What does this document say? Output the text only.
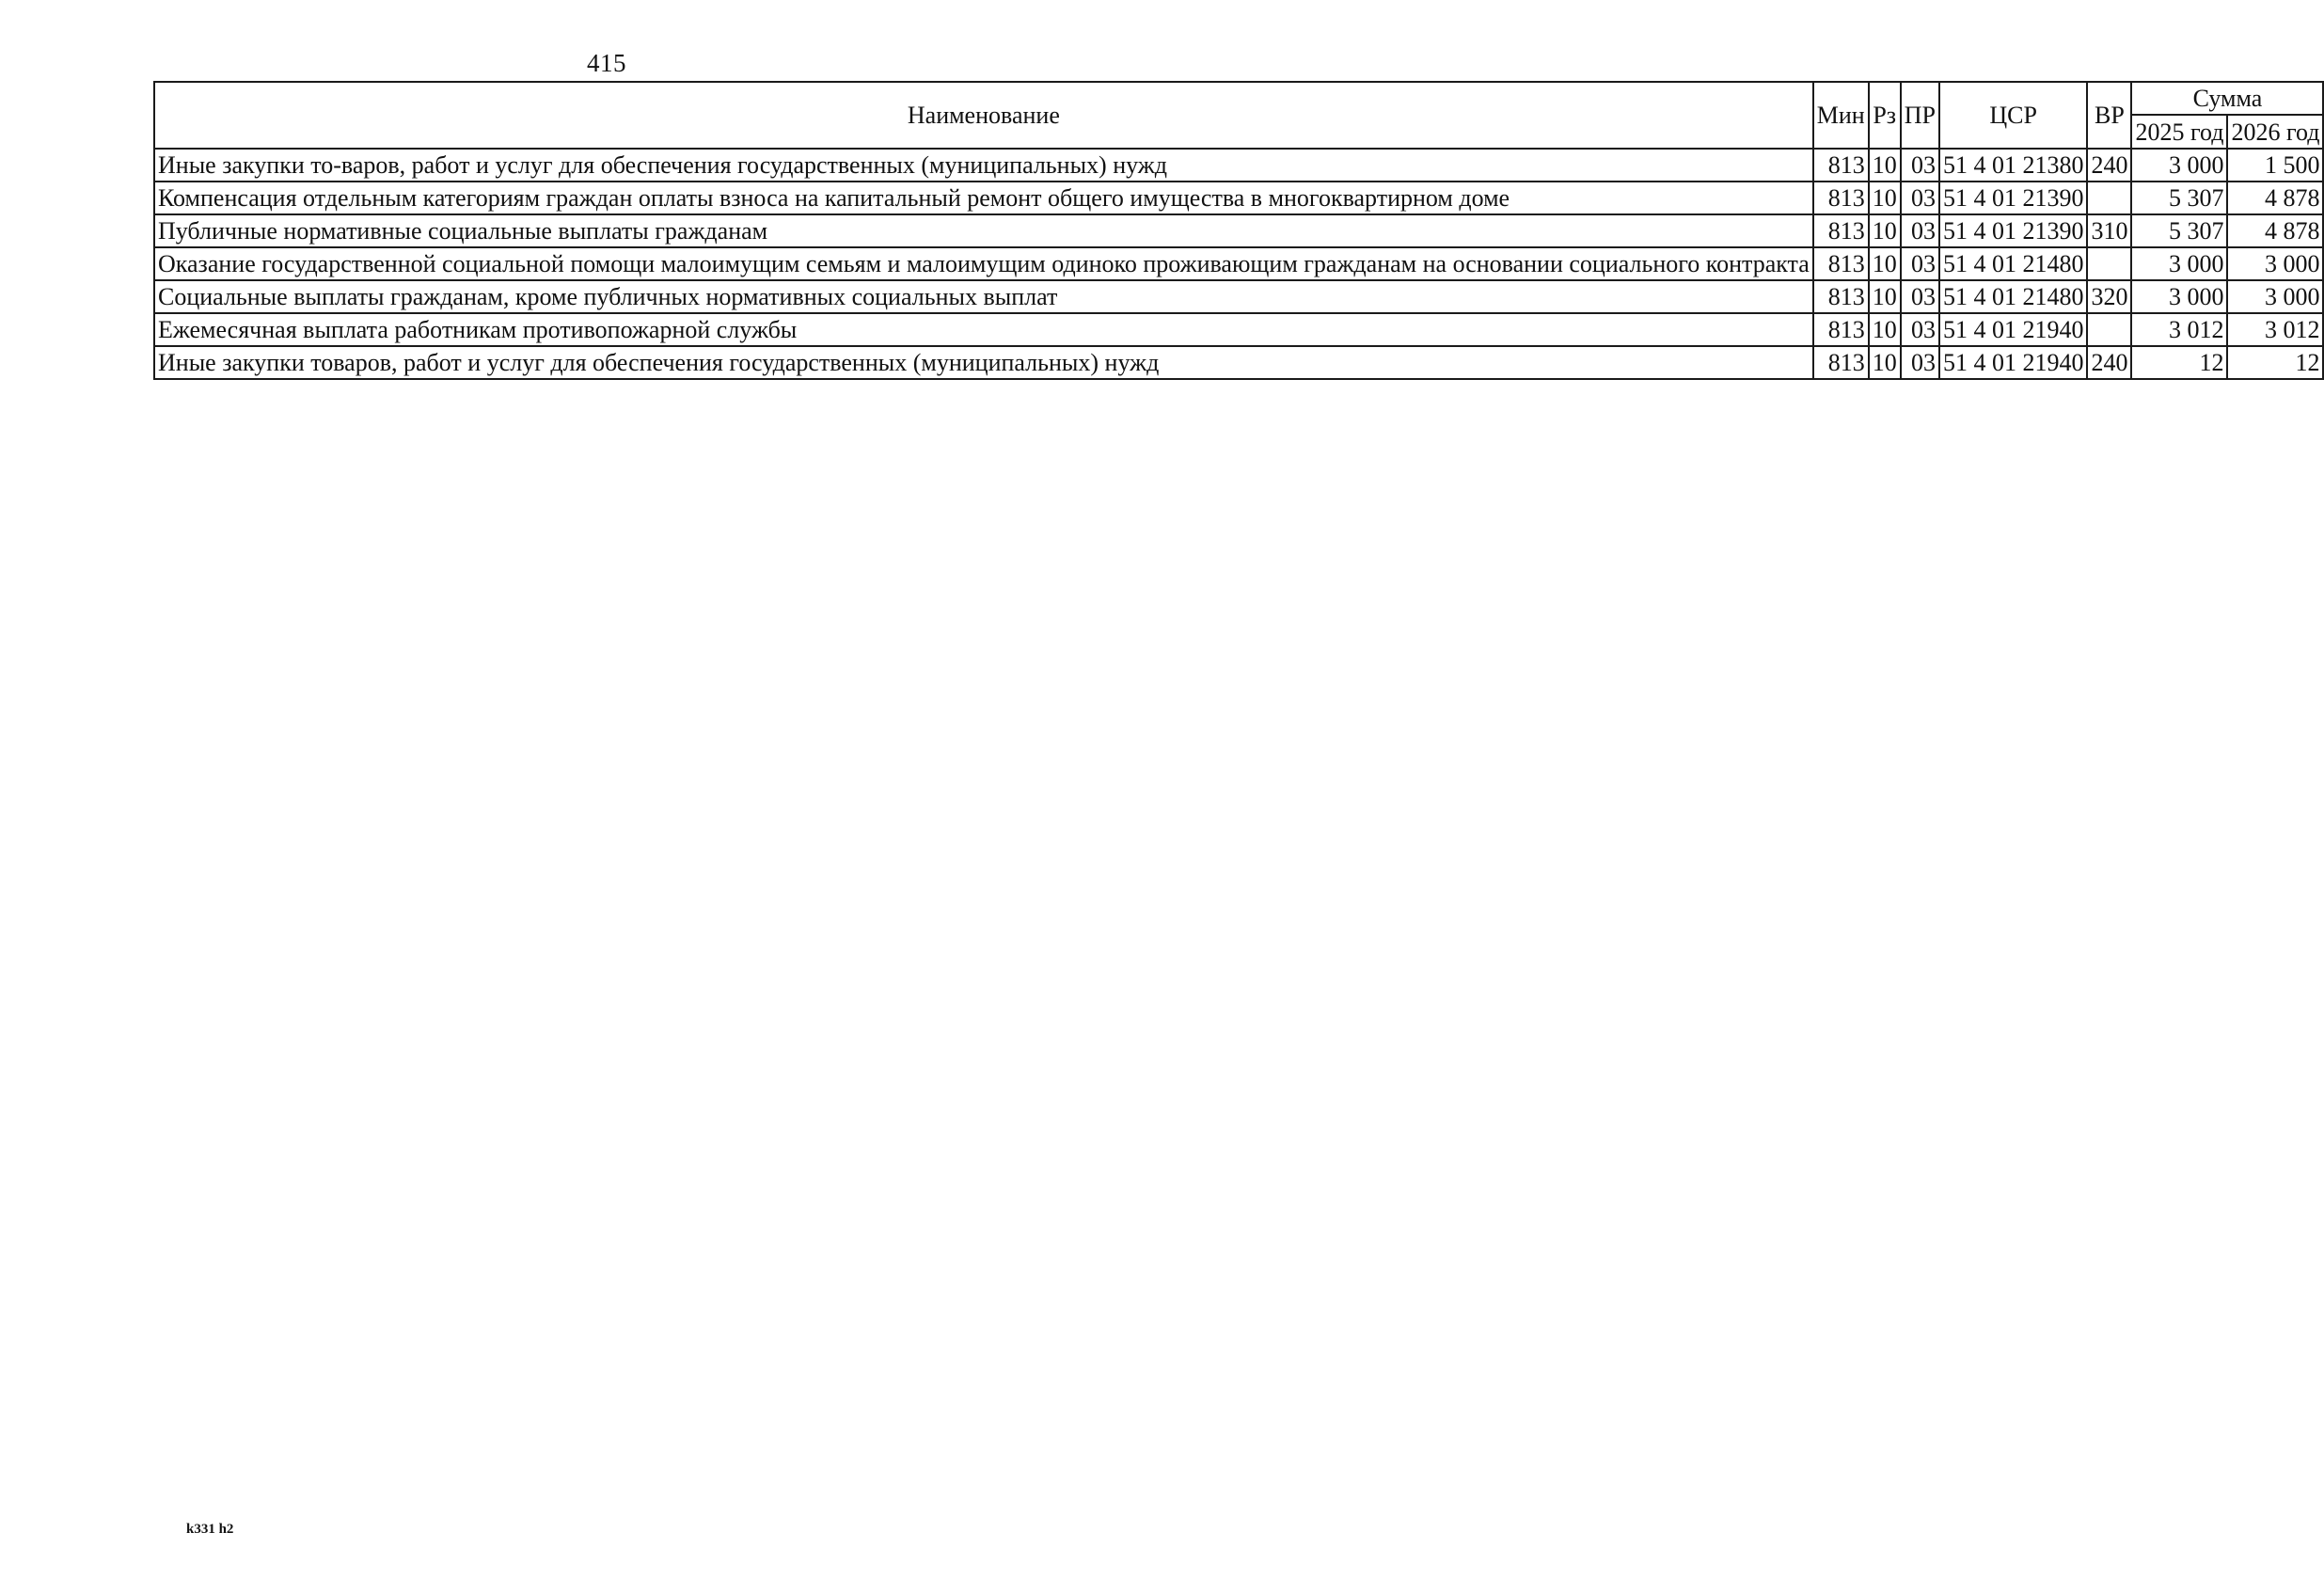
415
Наименование	Мин	Рз	ПР	ЦСР	ВР	Сумма	
						2025 год	2026 год
Иные закупки то-варов, работ и услуг для обеспечения государственных (муниципальных) нужд	813	10	03	51 4 01 21380	240	3 000	1 500
Компенсация отдельным категориям граждан оплаты взноса на капитальный ремонт общего имущества в многоквартирном доме	813	10	03	51 4 01 21390		5 307	4 878
Публичные нормативные социальные выплаты гражданам	813	10	03	51 4 01 21390	310	5 307	4 878
Оказание государственной социальной помощи малоимущим семьям и малоимущим одиноко проживающим гражданам на основании социального контракта	813	10	03	51 4 01 21480		3 000	3 000
Социальные выплаты гражданам, кроме публичных нормативных социальных выплат	813	10	03	51 4 01 21480	320	3 000	3 000
Ежемесячная выплата работникам противопожарной службы	813	10	03	51 4 01 21940		3 012	3 012
Иные закупки товаров, работ и услуг для обеспечения государственных (муниципальных) нужд	813	10	03	51 4 01 21940	240	12	12
k331 h2
